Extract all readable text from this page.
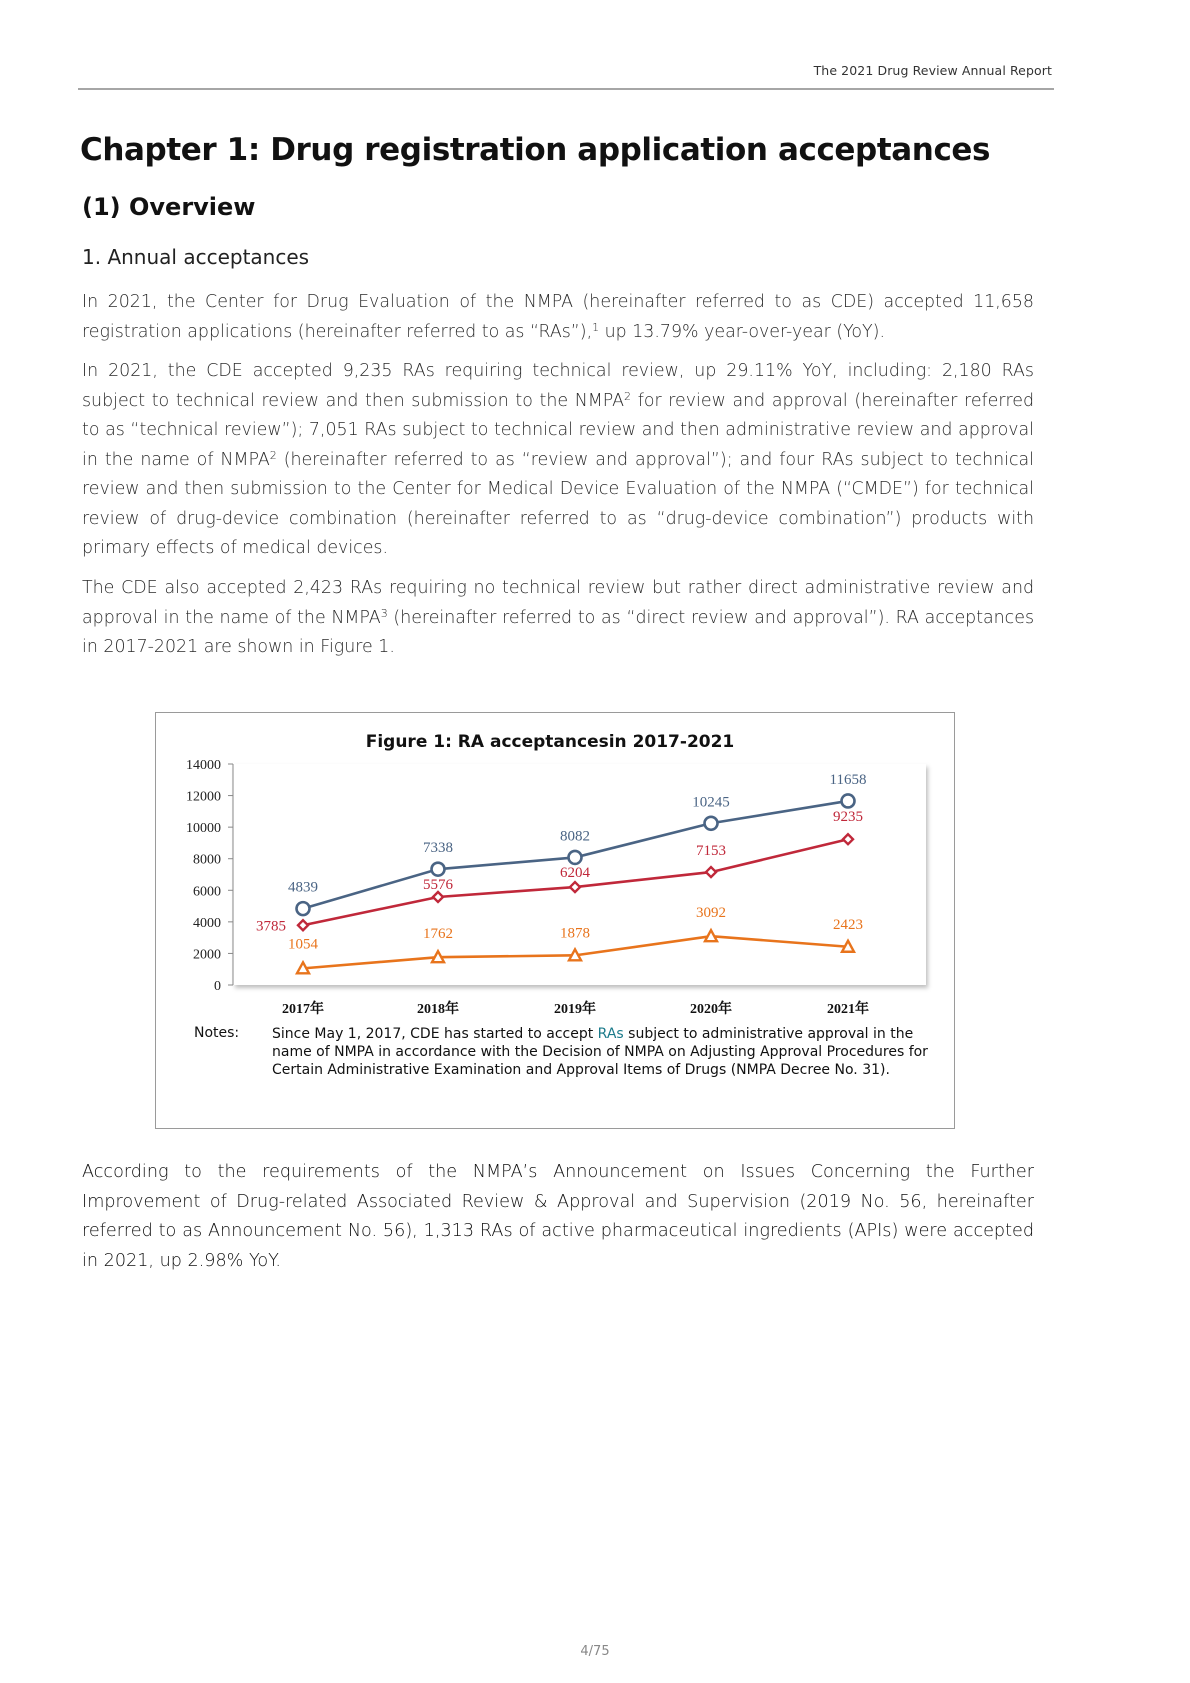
The 2021 Drug Review Annual Report
Chapter 1: Drug registration application acceptances
(1) Overview
1. Annual acceptances
In 2021, the Center for Drug Evaluation of the NMPA (hereinafter referred to as CDE) accepted 11,658 registration applications (hereinafter referred to as “RAs”),$^1$ up 13.79% year-over-year (YoY).
In 2021, the CDE accepted 9,235 RAs requiring technical review, up 29.11% YoY, including: 2,180 RAs subject to technical review and then submission to the NMPA$^2$ for review and approval (hereinafter referred to as “technical review”); 7,051 RAs subject to technical review and then administrative review and approval in the name of NMPA$^2$ (hereinafter referred to as “review and approval”); and four RAs subject to technical review and then submission to the Center for Medical Device Evaluation of the NMPA (“CMDE”) for technical review of drug-device combination (hereinafter referred to as “drug-device combination”) products with primary effects of medical devices.
The CDE also accepted 2,423 RAs requiring no technical review but rather direct administrative review and approval in the name of the NMPA$^3$ (hereinafter referred to as “direct review and approval”). RA acceptances in 2017-2021 are shown in Figure 1.
Figure 1: RA acceptancesin 2017-2021
0
2000
4000
6000
8000
10000
12000
14000
2017年	2018年	2019年	2020年	2021年
4839
7338
8082
10245
11658
3785
5576
6204
7153
9235
1054
1762	1878
3092
2423
Notes: Since May 1, 2017, CDE has started to accept RAs subject to administrative approval in the name of NMPA in accordance with the Decision of NMPA on Adjusting Approval Procedures for Certain Administrative Examination and Approval Items of Drugs (NMPA Decree No. 31).
According to the requirements of the NMPA’s Announcement on Issues Concerning the Further Improvement of Drug-related Associated Review & Approval and Supervision (2019 No. 56, hereinafter referred to as Announcement No. 56), 1,313 RAs of active pharmaceutical ingredients (APIs) were accepted in 2021, up 2.98% YoY.
4/75
